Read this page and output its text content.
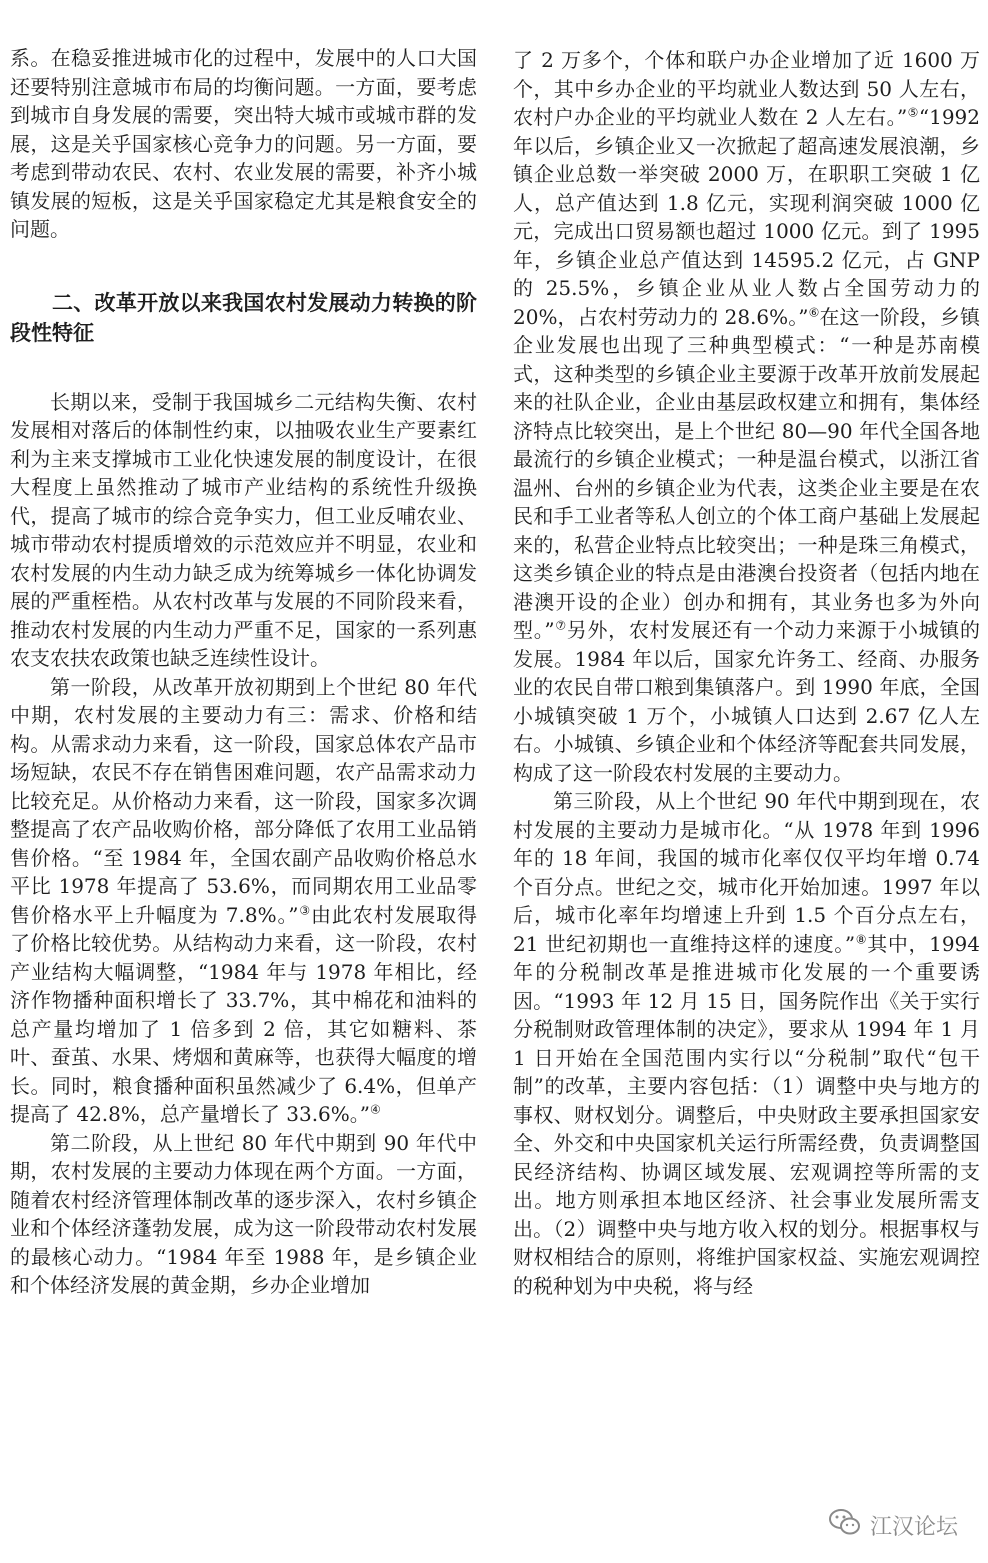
系。在稳妥推进城市化的过程中，发展中的人口大国还要特别注意城市布局的均衡问题。一方面，要考虑到城市自身发展的需要，突出特大城市或城市群的发展，这是关乎国家核心竞争力的问题。另一方面，要考虑到带动农民、农村、农业发展的需要，补齐小城镇发展的短板，这是关乎国家稳定尤其是粮食安全的问题。

二、改革开放以来我国农村发展动力转换的阶段性特征

长期以来，受制于我国城乡二元结构失衡、农村发展相对落后的体制性约束，以抽吸农业生产要素红利为主来支撑城市工业化快速发展的制度设计，在很大程度上虽然推动了城市产业结构的系统性升级换代，提高了城市的综合竞争实力，但工业反哺农业、城市带动农村提质增效的示范效应并不明显，农业和农村发展的内生动力缺乏成为统筹城乡一体化协调发展的严重桎梏。从农村改革与发展的不同阶段来看，推动农村发展的内生动力严重不足，国家的一系列惠农支农扶农政策也缺乏连续性设计。

第一阶段，从改革开放初期到上个世纪 80 年代中期，农村发展的主要动力有三：需求、价格和结构。从需求动力来看，这一阶段，国家总体农产品市场短缺，农民不存在销售困难问题，农产品需求动力比较充足。从价格动力来看，这一阶段，国家多次调整提高了农产品收购价格，部分降低了农用工业品销售价格。“至 1984 年，全国农副产品收购价格总水平比 1978 年提高了 53.6%，而同期农用工业品零售价格水平上升幅度为 7.8%。”③由此农村发展取得了价格比较优势。从结构动力来看，这一阶段，农村产业结构大幅调整，“1984 年与 1978 年相比，经济作物播种面积增长了 33.7%，其中棉花和油料的总产量均增加了 1 倍多到 2 倍，其它如糖料、茶叶、蚕茧、水果、烤烟和黄麻等，也获得大幅度的增长。同时，粮食播种面积虽然减少了 6.4%，但单产提高了 42.8%，总产量增长了 33.6%。”④

第二阶段，从上世纪 80 年代中期到 90 年代中期，农村发展的主要动力体现在两个方面。一方面，随着农村经济管理体制改革的逐步深入，农村乡镇企业和个体经济蓬勃发展，成为这一阶段带动农村发展的最核心动力。“1984 年至 1988 年，是乡镇企业和个体经济发展的黄金期，乡办企业增加

了 2 万多个，个体和联户办企业增加了近 1600 万个，其中乡办企业的平均就业人数达到 50 人左右，农村户办企业的平均就业人数在 2 人左右。”⑤“1992 年以后，乡镇企业又一次掀起了超高速发展浪潮，乡镇企业总数一举突破 2000 万，在职职工突破 1 亿人，总产值达到 1.8 亿元，实现利润突破 1000 亿元，完成出口贸易额也超过 1000 亿元。到了 1995 年，乡镇企业总产值达到 14595.2 亿元，占 GNP 的 25.5%，乡镇企业从业人数占全国劳动力的 20%，占农村劳动力的 28.6%。”⑥在这一阶段，乡镇企业发展也出现了三种典型模式：“一种是苏南模式，这种类型的乡镇企业主要源于改革开放前发展起来的社队企业，企业由基层政权建立和拥有，集体经济特点比较突出，是上个世纪 80—90 年代全国各地最流行的乡镇企业模式；一种是温台模式，以浙江省温州、台州的乡镇企业为代表，这类企业主要是在农民和手工业者等私人创立的个体工商户基础上发展起来的，私营企业特点比较突出；一种是珠三角模式，这类乡镇企业的特点是由港澳台投资者（包括内地在港澳开设的企业）创办和拥有，其业务也多为外向型。”⑦另外，农村发展还有一个动力来源于小城镇的发展。1984 年以后，国家允许务工、经商、办服务业的农民自带口粮到集镇落户。到 1990 年底，全国小城镇突破 1 万个，小城镇人口达到 2.67 亿人左右。小城镇、乡镇企业和个体经济等配套共同发展，构成了这一阶段农村发展的主要动力。

第三阶段，从上个世纪 90 年代中期到现在，农村发展的主要动力是城市化。“从 1978 年到 1996 年的 18 年间，我国的城市化率仅仅平均年增 0.74 个百分点。世纪之交，城市化开始加速。1997 年以后，城市化率年均增速上升到 1.5 个百分点左右，21 世纪初期也一直维持这样的速度。”⑧其中，1994 年的分税制改革是推进城市化发展的一个重要诱因。“1993 年 12 月 15 日，国务院作出《关于实行分税制财政管理体制的决定》，要求从 1994 年 1 月 1 日开始在全国范围内实行以“分税制”取代“包干制”的改革，主要内容包括：（1）调整中央与地方的事权、财权划分。调整后，中央财政主要承担国家安全、外交和中央国家机关运行所需经费，负责调整国民经济结构、协调区域发展、宏观调控等所需的支出。地方则承担本地区经济、社会事业发展所需支出。（2）调整中央与地方收入权的划分。根据事权与财权相结合的原则，将维护国家权益、实施宏观调控的税种划为中央税，将与经

江汉论坛
